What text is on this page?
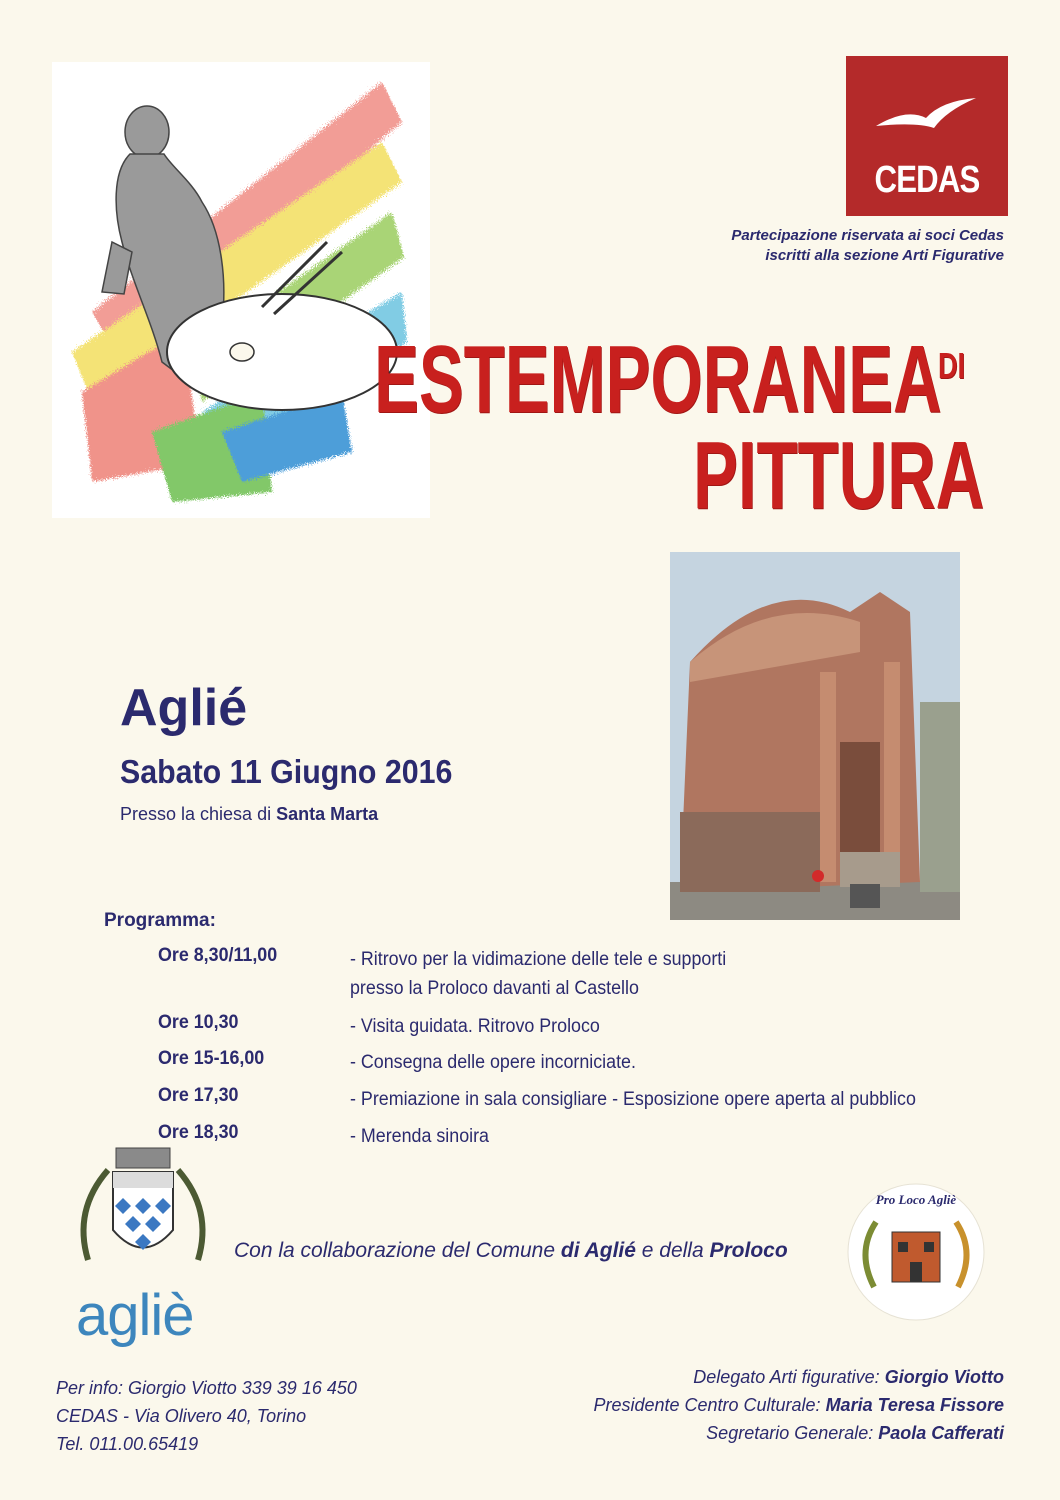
CEDAS
Partecipazione riservata ai soci Cedas
iscritti alla sezione Arti Figurative
ESTEMPORANEA
DI
PITTURA
Aglié
Sabato 11 Giugno 2016
Presso la chiesa di Santa Marta
Programma:
Ore 8,30/11,00	- Ritrovo per la vidimazione delle tele e supporti
presso la Proloco davanti al Castello
Ore 10,30	- Visita guidata. Ritrovo Proloco
Ore 15-16,00	- Consegna delle opere incorniciate.
Ore 17,30	- Premiazione in sala consigliare - Esposizione opere aperta al pubblico
Ore 18,30	- Merenda sinoira
agliè
Con la collaborazione del Comune di Aglié e della Proloco
Pro Loco Agliè
Per info: Giorgio Viotto 339 39 16 450
CEDAS - Via Olivero 40, Torino
Tel. 011.00.65419
Delegato Arti figurative: Giorgio Viotto
Presidente Centro Culturale: Maria Teresa Fissore
Segretario Generale: Paola Cafferati
